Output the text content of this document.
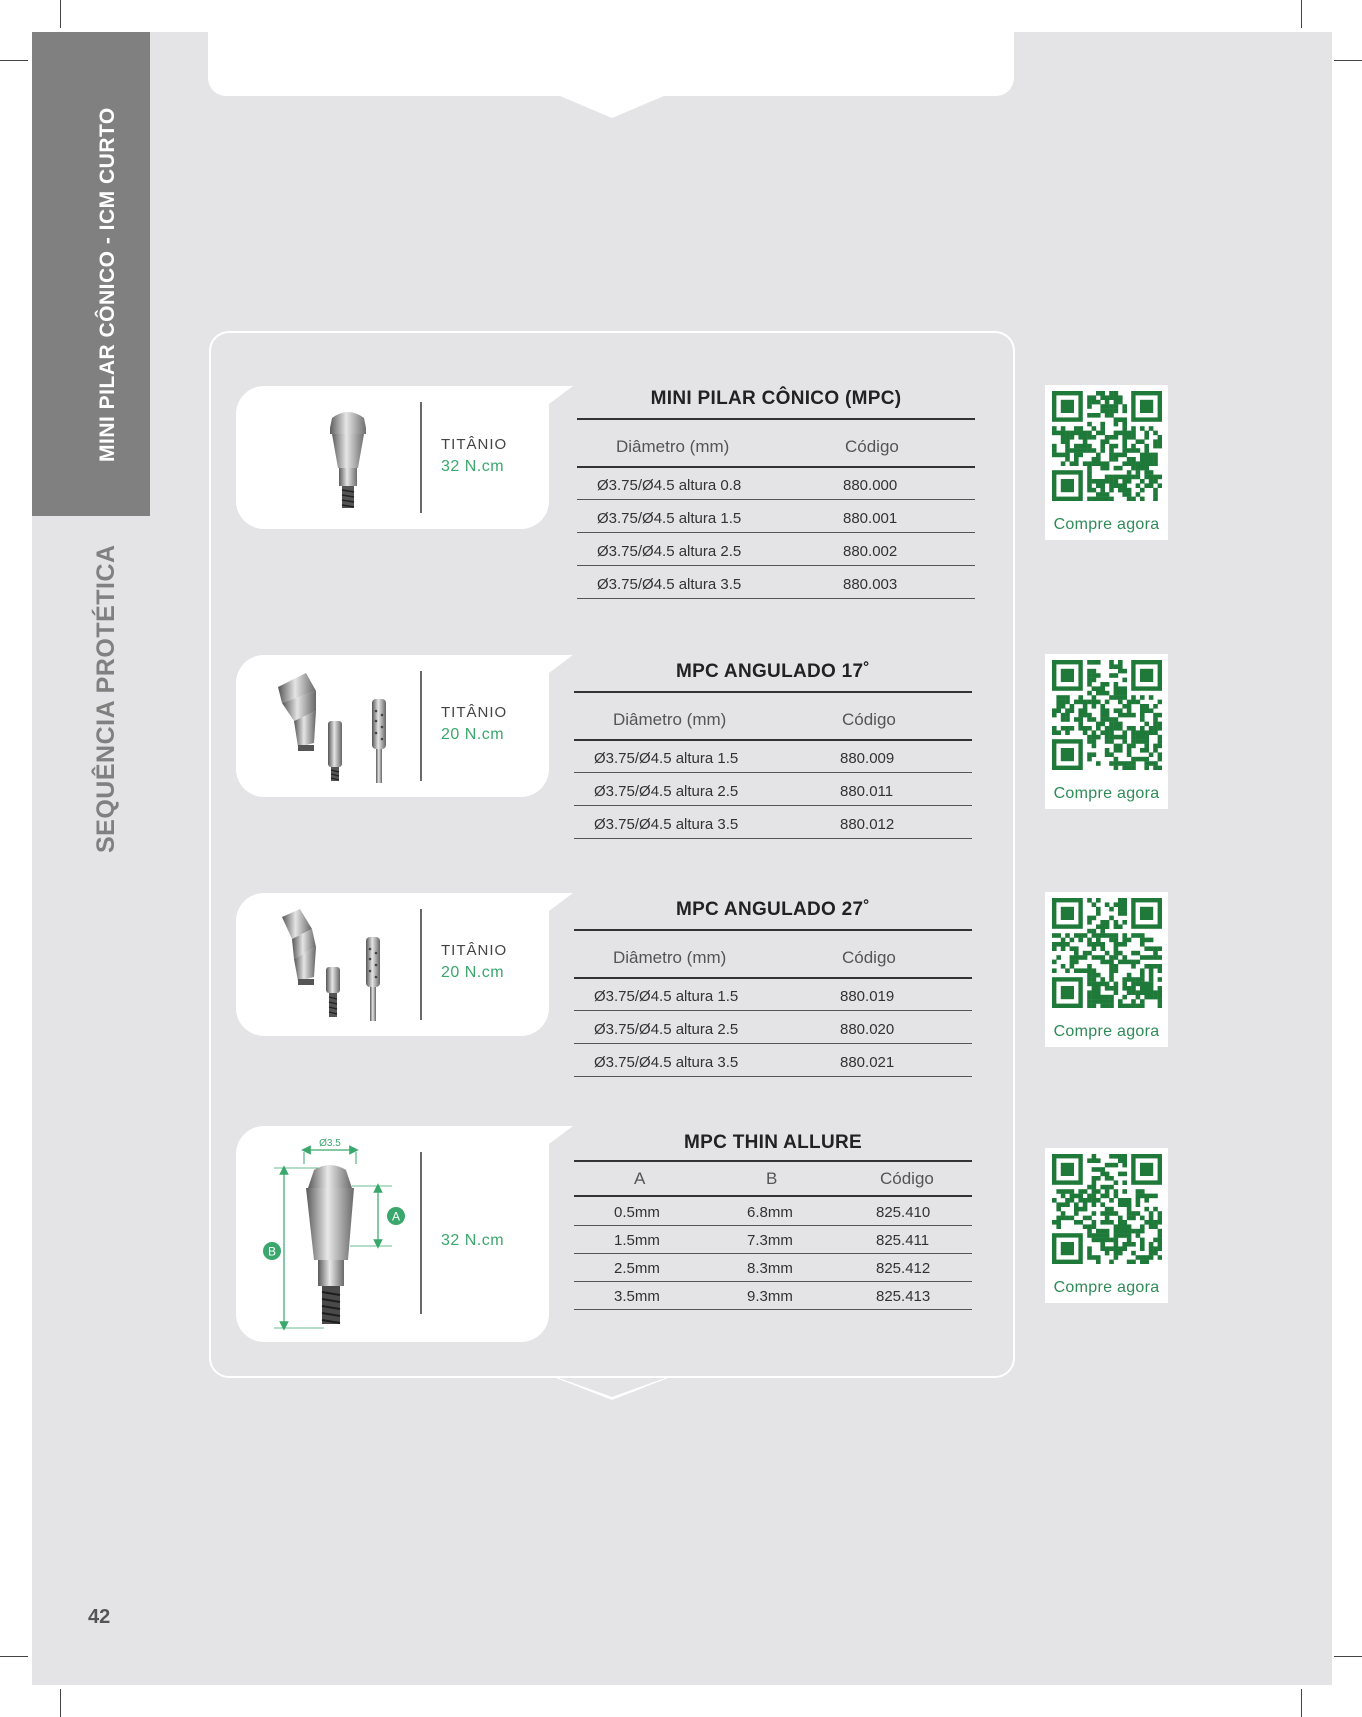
MINI PILAR CÔNICO - ICM CURTO
SEQUÊNCIA PROTÉTICA
TITÂNIO
32 N.cm
MINI PILAR CÔNICO (MPC)
Diâmetro (mm)	Código
Ø3.75/Ø4.5 altura 0.8	880.000
Ø3.75/Ø4.5 altura 1.5	880.001
Ø3.75/Ø4.5 altura 2.5	880.002
Ø3.75/Ø4.5 altura 3.5	880.003
Compre agora
TITÂNIO
20 N.cm
MPC ANGULADO 17˚
Diâmetro (mm)	Código
Ø3.75/Ø4.5 altura 1.5	880.009
Ø3.75/Ø4.5 altura 2.5	880.011
Ø3.75/Ø4.5 altura 3.5	880.012
Compre agora
TITÂNIO
20 N.cm
MPC ANGULADO 27˚
Diâmetro (mm)	Código
Ø3.75/Ø4.5 altura 1.5	880.019
Ø3.75/Ø4.5 altura 2.5	880.020
Ø3.75/Ø4.5 altura 3.5	880.021
Compre agora
Ø3.5
B
A
32 N.cm
MPC THIN ALLURE
A	B	Código
0.5mm	6.8mm	825.410
1.5mm	7.3mm	825.411
2.5mm	8.3mm	825.412
3.5mm	9.3mm	825.413
Compre agora
42
